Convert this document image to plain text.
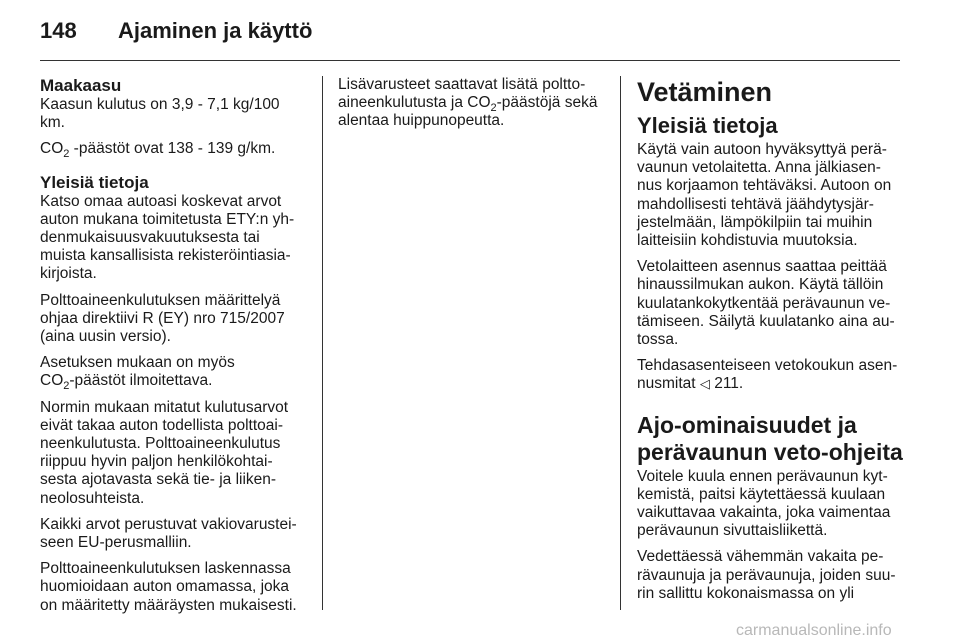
148 Ajaminen ja käyttö
Maakaasu

Kaasun kulutus on 3,9 - 7,1 kg/100 km.

$CO_2$ -päästöt ovat 138 - 139 g/km.

Yleisiä tietoja

Katso omaa autoasi koskevat arvot auton mukana toimitetusta ETY:n yh-denmukaisuusvakuutuksesta tai muista kansallisista rekisteröintiasia-kirjoista.

Polttoaineenkulutuksen määrittelyä ohjaa direktiivi R (EY) nro 715/2007 (aina uusin versio).

Asetuksen mukaan on myös
$CO_2$-päästöt ilmoitettava.

Normin mukaan mitatut kulutusarvot eivät takaa auton todellista polttoai-neenkulutusta. Polttoaineenkulutus riippuu hyvin paljon henkilökohtai-sesta ajotavasta sekä tie- ja liiken-neolosuhteista.

Kaikki arvot perustuvat vakiovarustei-seen EU-perusmalliin.

Polttoaineenkulutuksen laskennassa huomioidaan auton omamassa, joka on määritetty määräysten mukaisesti.

Lisävarusteet saattavat lisätä poltto-aineenkulutusta ja $CO_2$-päästöjä sekä alentaa huippunopeutta.

Vetäminen
Yleisiä tietoja

Käytä vain autoon hyväksyttyä perä-vaunun vetolaitetta. Anna jälkiasen-nus korjaamon tehtäväksi. Autoon on mahdollisesti tehtävä jäähdytysjär-jestelmään, lämpökilpiin tai muihin laitteisiin kohdistuvia muutoksia.

Vetolaitteen asennus saattaa peittää hinaussilmukan aukon. Käytä tällöin kuulatankokytkentää perävaunun ve-tämiseen. Säilytä kuulatanko aina au-tossa.

Tehdasasenteiseen vetokoukun asen-nusmitat ◁ 211.

Ajo-ominaisuudet ja perävaunun veto-ohjeita

Voitele kuula ennen perävaunun kyt-kemistä, paitsi käytettäessä kuulaan vaikuttavaa vakainta, joka vaimentaa perävaunun sivuttaisliikettä.

Vedettäessä vähemmän vakaita pe-rävaunuja ja perävaunuja, joiden suu-rin sallittu kokonaismassa on yli

carmanualsonline.info
